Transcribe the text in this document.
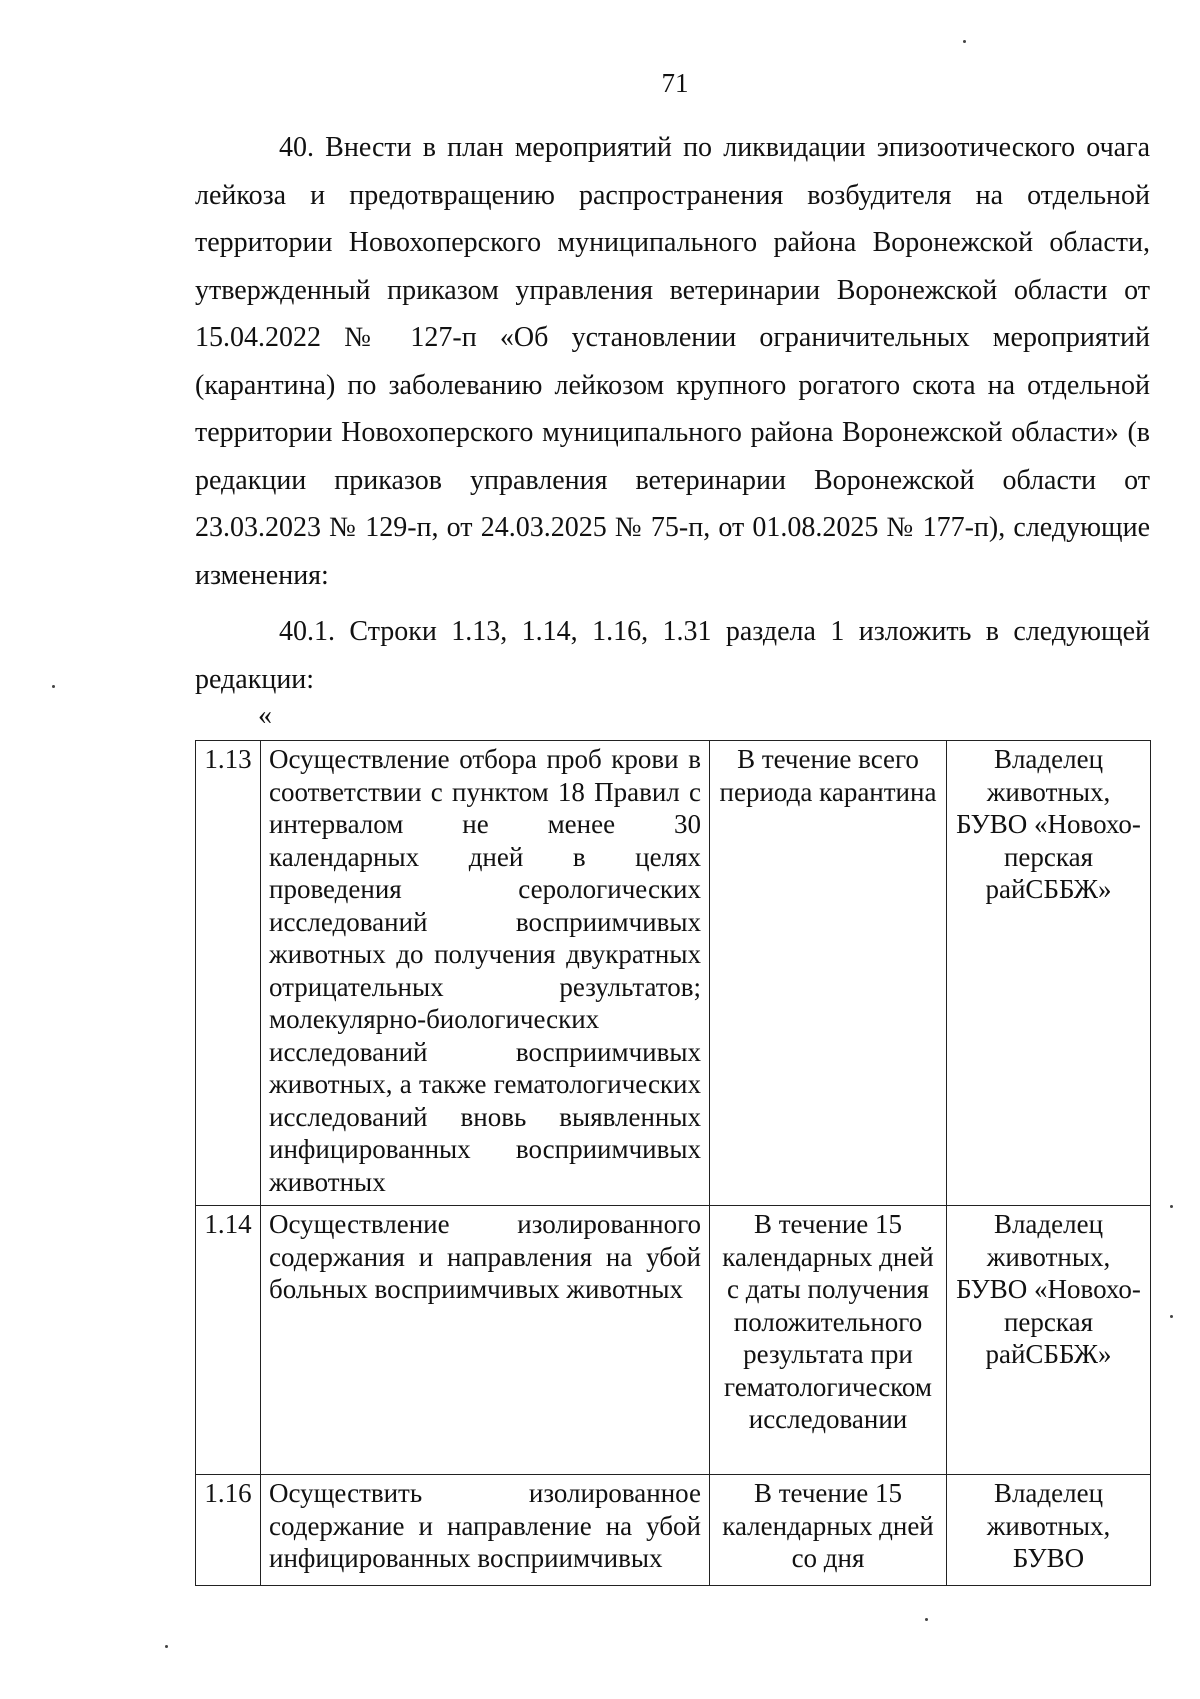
71
40. Внести в план мероприятий по ликвидации эпизоотического очага лейкоза и предотвращению распространения возбудителя на отдельной территории Новохоперского муниципального района Воронежской области, утвержденный приказом управления ветеринарии Воронежской области от 15.04.2022 № 127-п «Об установлении ограничительных мероприятий (карантина) по заболеванию лейкозом крупного рогатого скота на отдельной территории Новохоперского муниципального района Воронежской области» (в редакции приказов управления ветеринарии Воронежской области от 23.03.2023 № 129-п, от 24.03.2025 № 75-п, от 01.08.2025 № 177-п), следующие изменения:
40.1. Строки 1.13, 1.14, 1.16, 1.31 раздела 1 изложить в следующей редакции:
«
1.13	Осуществление отбора проб крови в соответствии с пунктом 18 Правил с интервалом не менее 30 календарных дней в целях проведения серологических исследований восприимчивых животных до получения двукратных отрицательных результатов; молекулярно-биологических исследований восприимчивых животных, а также гематологических исследований вновь выявленных инфицированных восприимчивых животных	В течение всего периода карантина	Владелец животных, БУВО «Новохо-перская райСББЖ»
1.14	Осуществление изолированного содержания и направления на убой больных восприимчивых животных	В течение 15 календарных дней с даты получения положительного результата при гематологическом исследовании	Владелец животных, БУВО «Новохо-перская райСББЖ»
1.16	Осуществить изолированное содержание и направление на убой инфицированных восприимчивых	В течение 15 календарных дней со дня	Владелец животных, БУВО
